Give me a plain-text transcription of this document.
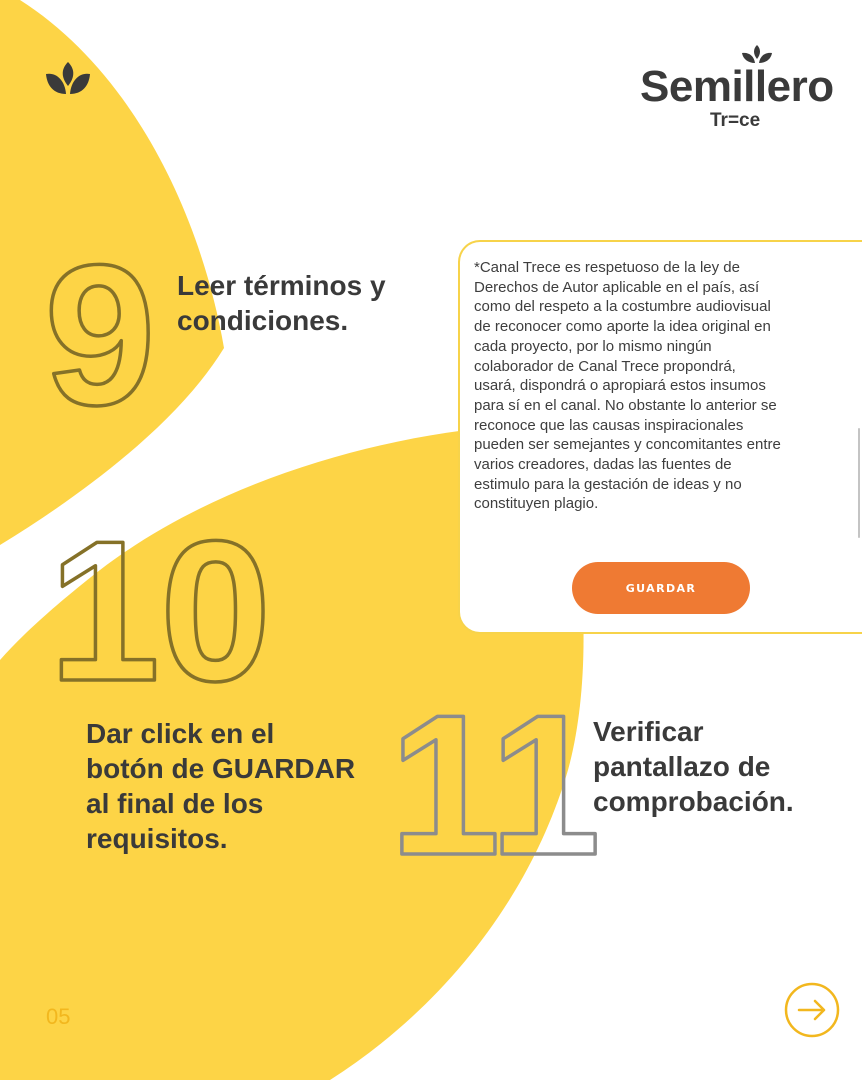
Semillero
Tr=ce
9
10
11

Leer términos y
condiciones.

Dar click en el
botón de GUARDAR
al final de los
requisitos.

Verificar
pantallazo de
comprobación.

*Canal Trece es respetuoso de la ley de
Derechos de Autor aplicable en el país, así
como del respeto a la costumbre audiovisual
de reconocer como aporte la idea original en
cada proyecto, por lo mismo ningún
colaborador de Canal Trece propondrá,
usará, dispondrá o apropiará estos insumos
para sí en el canal. No obstante lo anterior se
reconoce que las causas inspiracionales
pueden ser semejantes y concomitantes entre
varios creadores, dadas las fuentes de
estimulo para la gestación de ideas y no
constituyen plagio.

GUARDAR
05
